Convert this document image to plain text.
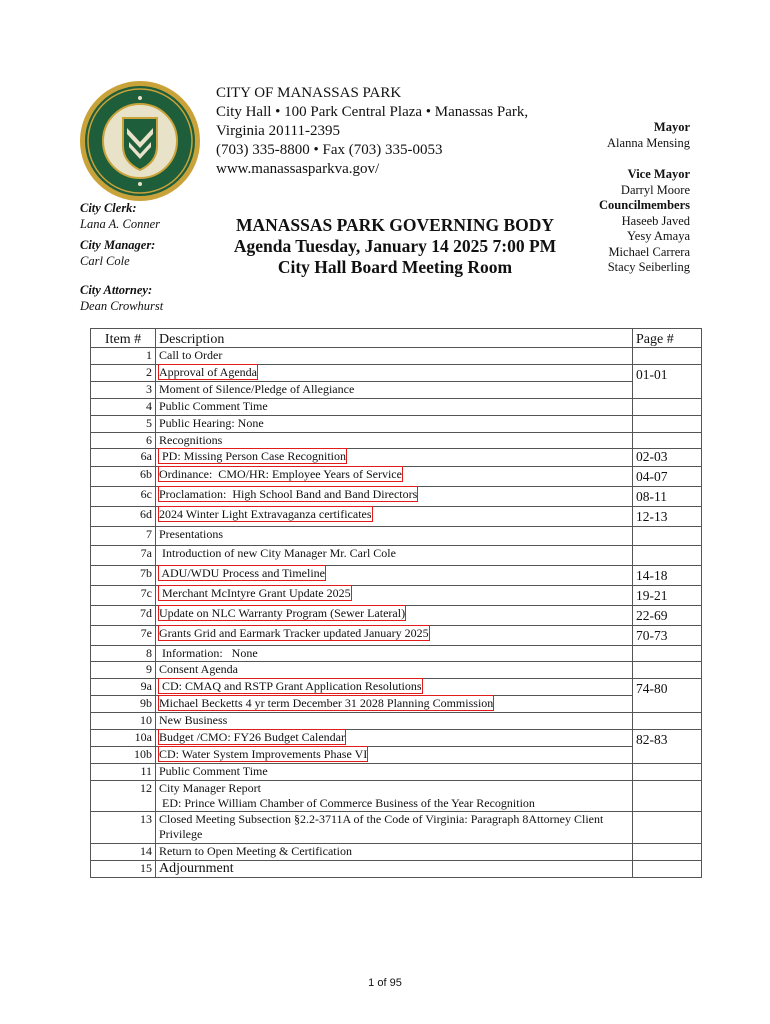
CITY OF MANASSAS PARK
City Hall • 100 Park Central Plaza • Manassas Park,
Virginia 20111-2395
(703) 335-8800 • Fax (703) 335-0053
www.manassasparkva.gov/
Mayor
Alanna Mensing
Vice Mayor
Darryl Moore
Councilmembers
Haseeb Javed
Yesy Amaya
Michael Carrera
Stacy Seiberling
City Clerk:
Lana A. Conner
City Manager:
Carl Cole
City Attorney:
Dean Crowhurst
MANASSAS PARK GOVERNING BODY
Agenda Tuesday, January 14 2025 7:00 PM
City Hall Board Meeting Room
Item #	Description	Page #
1	Call to Order	
2	Approval of Agenda	01-01
3	Moment of Silence/Pledge of Allegiance	
4	Public Comment Time	
5	Public Hearing: None	
6	Recognitions	
6a	PD: Missing Person Case Recognition	02-03
6b	Ordinance:  CMO/HR: Employee Years of Service	04-07
6c	Proclamation:  High School Band and Band Directors	08-11
6d	2024 Winter Light Extravaganza certificates	12-13
7	Presentations	
7a	Introduction of new City Manager Mr. Carl Cole	
7b	ADU/WDU Process and Timeline	14-18
7c	Merchant McIntyre Grant Update 2025	19-21
7d	Update on NLC Warranty Program (Sewer Lateral)	22-69
7e	Grants Grid and Earmark Tracker updated January 2025	70-73
8	Information:   None	
9	Consent Agenda	
9a	CD: CMAQ and RSTP Grant Application Resolutions	74-80
9b	Michael Becketts 4 yr term December 31 2028 Planning Commission	
10	New Business	
10a	Budget /CMO: FY26 Budget Calendar	82-83
10b	CD: Water System Improvements Phase VI	
11	Public Comment Time	
12	City Manager Report
ED: Prince William Chamber of Commerce Business of the Year Recognition	

13	Closed Meeting Subsection §2.2-3711A of the Code of Virginia: Paragraph 8Attorney Client
Privilege	

14	Return to Open Meeting & Certification	
15	Adjournment	
1 of 95
